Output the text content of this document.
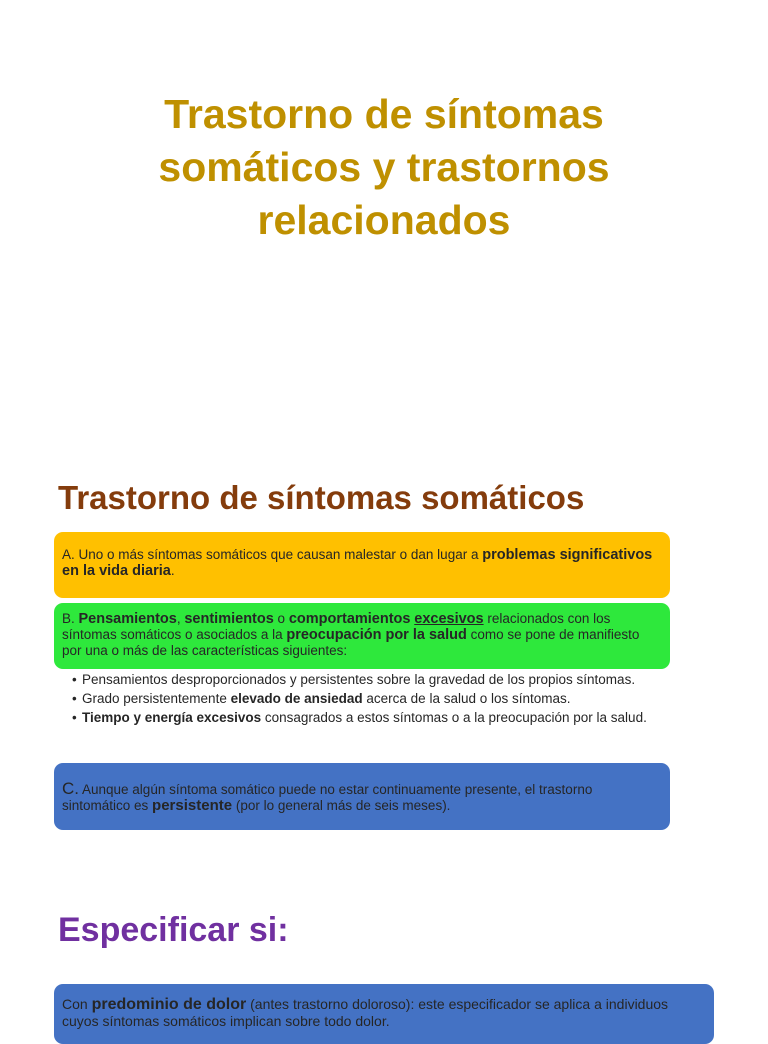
Trastorno de síntomas
somáticos y trastornos
relacionados
Trastorno de síntomas somáticos
A. Uno o más síntomas somáticos que causan malestar o dan lugar a problemas significativos en la vida diaria.
B. Pensamientos, sentimientos o comportamientos excesivos relacionados con los síntomas somáticos o asociados a la preocupación por la salud como se pone de manifiesto por una o más de las características siguientes:
• Pensamientos desproporcionados y persistentes sobre la gravedad de los propios síntomas.
• Grado persistentemente elevado de ansiedad acerca de la salud o los síntomas.
• Tiempo y energía excesivos consagrados a estos síntomas o a la preocupación por la salud.
C. Aunque algún síntoma somático puede no estar continuamente presente, el trastorno sintomático es persistente (por lo general más de seis meses).
Especificar si:
Con predominio de dolor (antes trastorno doloroso): este especificador se aplica a individuos cuyos síntomas somáticos implican sobre todo dolor.
